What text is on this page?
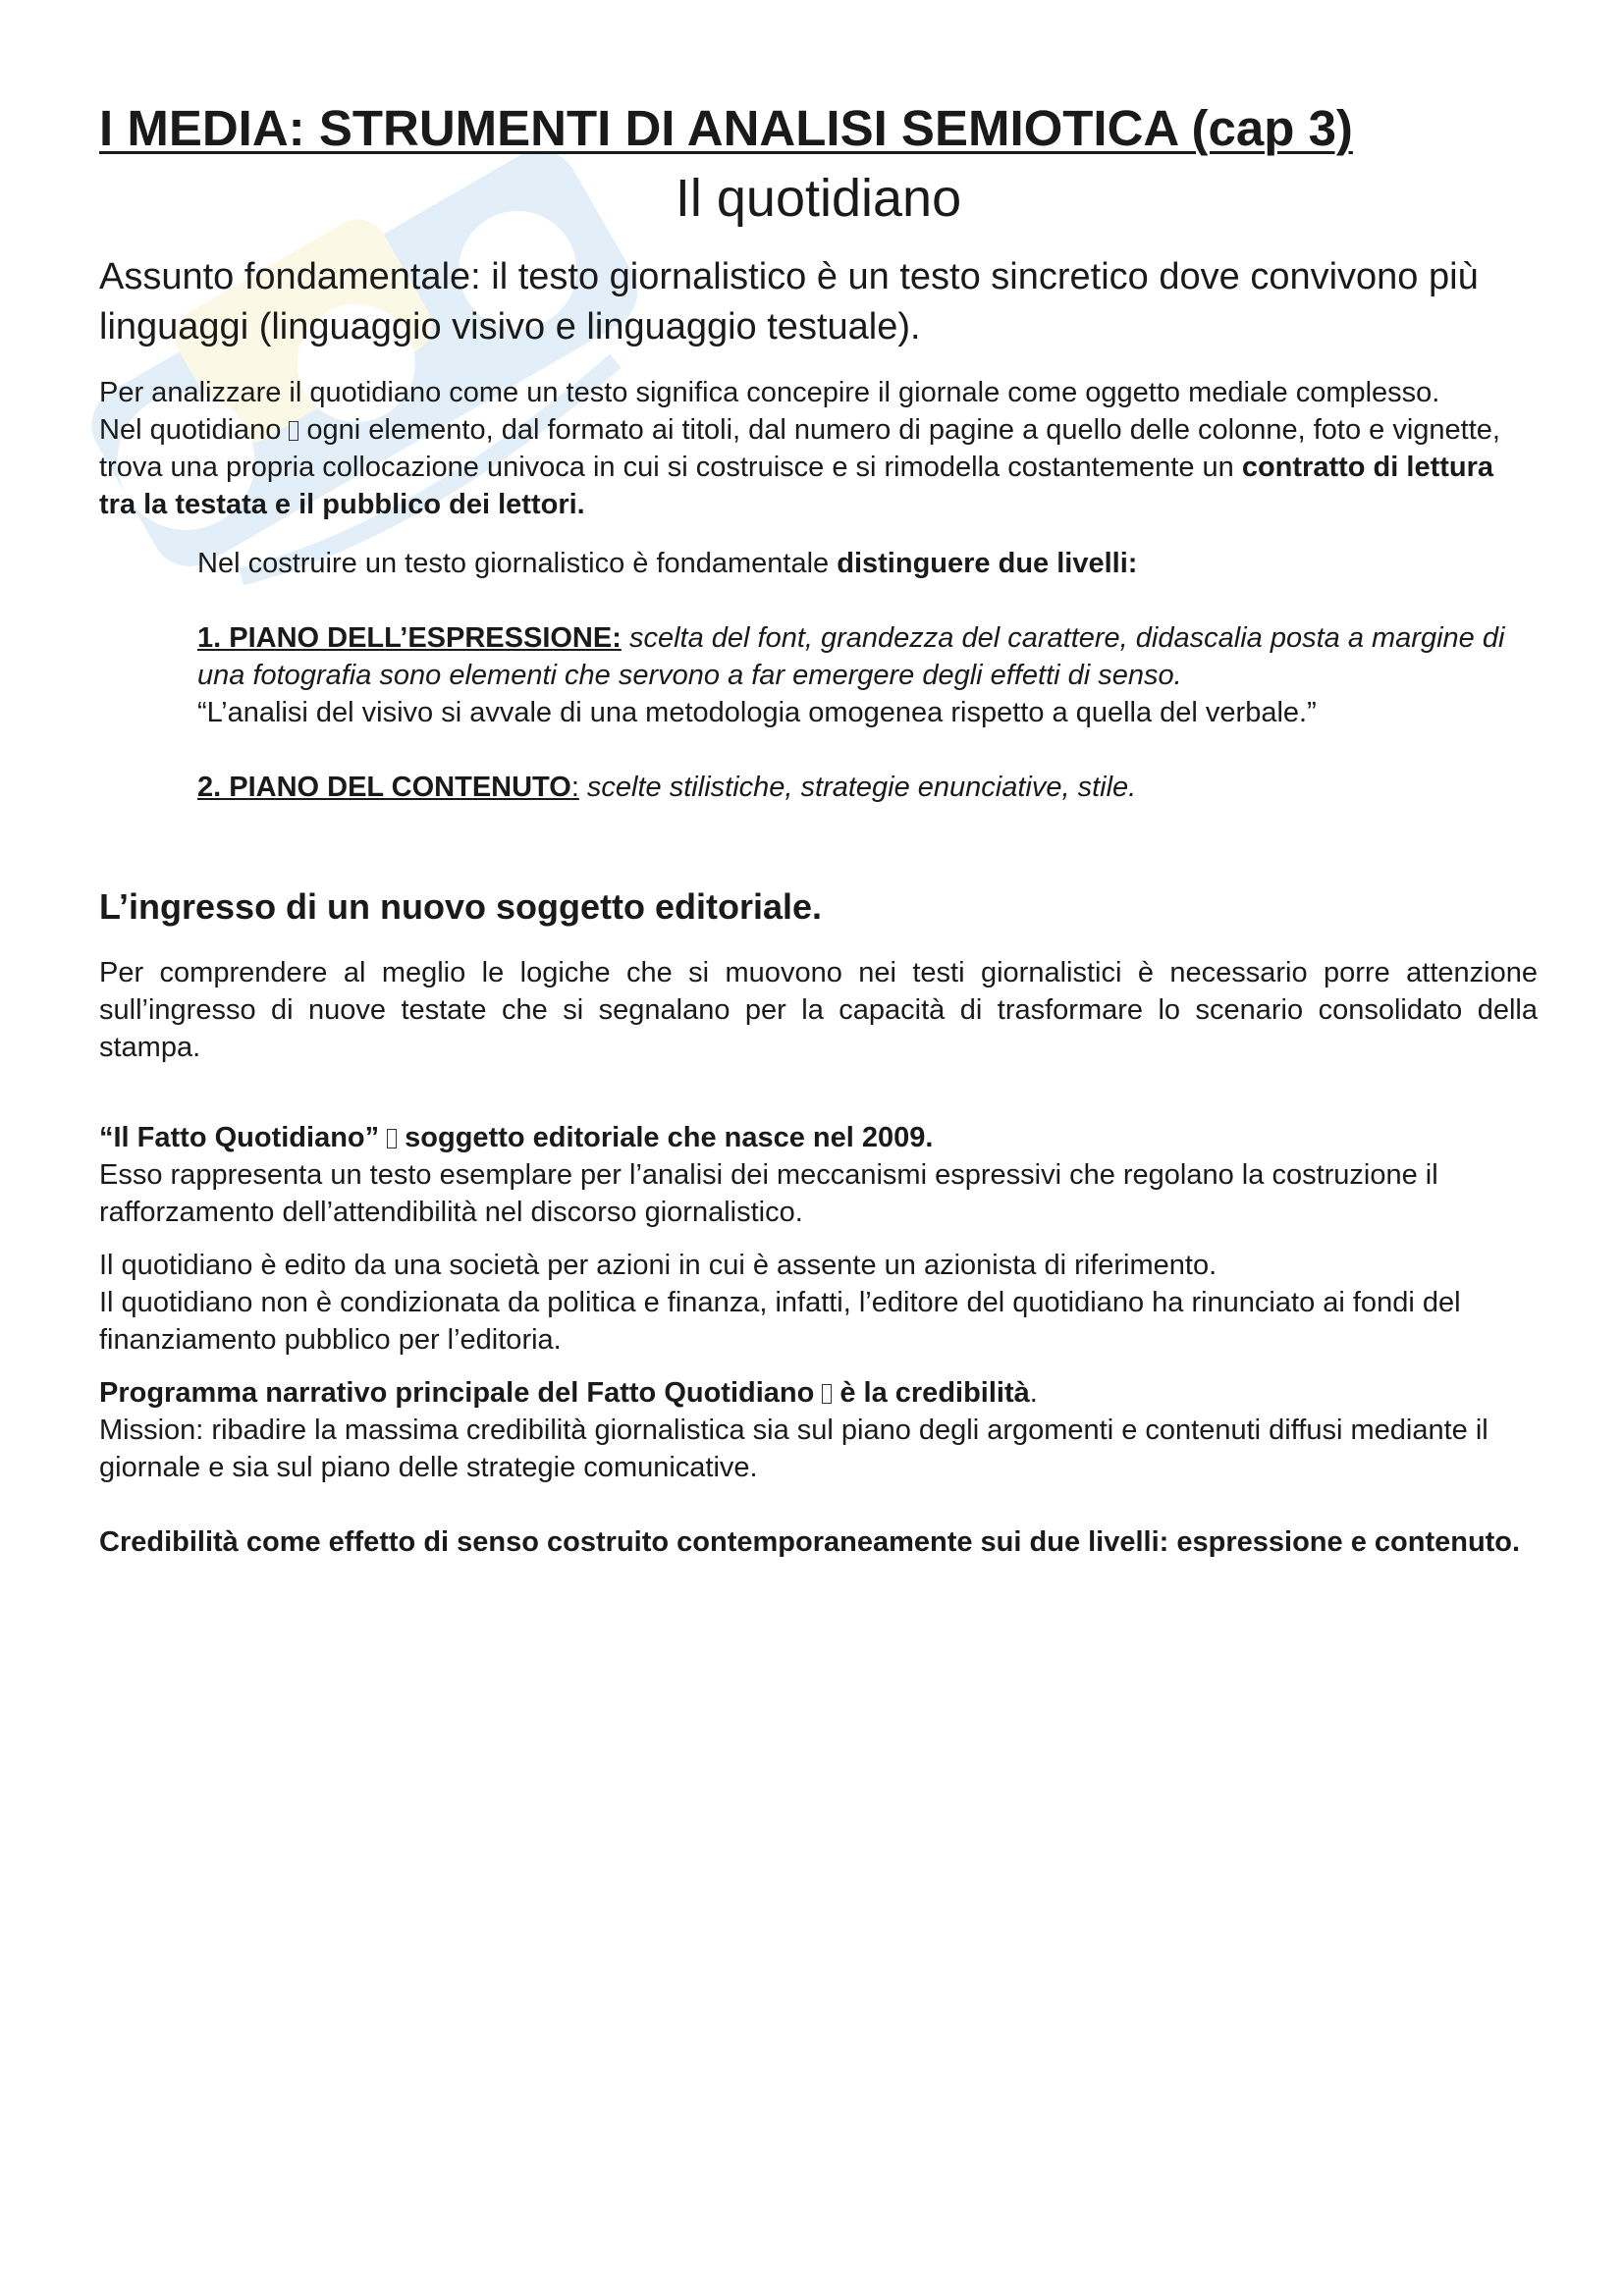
I MEDIA: STRUMENTI DI ANALISI SEMIOTICA (cap 3)
Il quotidiano

Assunto fondamentale: il testo giornalistico è un testo sincretico dove convivono più linguaggi (linguaggio visivo e linguaggio testuale).

Per analizzare il quotidiano come un testo significa concepire il giornale come oggetto mediale complesso.

Nel quotidiano ogni elemento, dal formato ai titoli, dal numero di pagine a quello delle colonne, foto e vignette, trova una propria collocazione univoca in cui si costruisce e si rimodella costantemente un contratto di lettura tra la testata e il pubblico dei lettori.

Nel costruire un testo giornalistico è fondamentale distinguere due livelli:

1. PIANO DELL’ESPRESSIONE: scelta del font, grandezza del carattere, didascalia posta a margine di una fotografia sono elementi che servono a far emergere degli effetti di senso.

“L’analisi del visivo si avvale di una metodologia omogenea rispetto a quella del verbale.”

2. PIANO DEL CONTENUTO: scelte stilistiche, strategie enunciative, stile.

L’ingresso di un nuovo soggetto editoriale.

Per comprendere al meglio le logiche che si muovono nei testi giornalistici è necessario porre attenzione sull’ingresso di nuove testate che si segnalano per la capacità di trasformare lo scenario consolidato della stampa.

“Il Fatto Quotidiano” soggetto editoriale che nasce nel 2009.

Esso rappresenta un testo esemplare per l’analisi dei meccanismi espressivi che regolano la costruzione il rafforzamento dell’attendibilità nel discorso giornalistico.

Il quotidiano è edito da una società per azioni in cui è assente un azionista di riferimento.

Il quotidiano non è condizionata da politica e finanza, infatti, l’editore del quotidiano ha rinunciato ai fondi del finanziamento pubblico per l’editoria.

Programma narrativo principale del Fatto Quotidiano è la credibilità.

Mission: ribadire la massima credibilità giornalistica sia sul piano degli argomenti e contenuti diffusi mediante il giornale e sia sul piano delle strategie comunicative.

Credibilità come effetto di senso costruito contemporaneamente sui due livelli: espressione e contenuto.
